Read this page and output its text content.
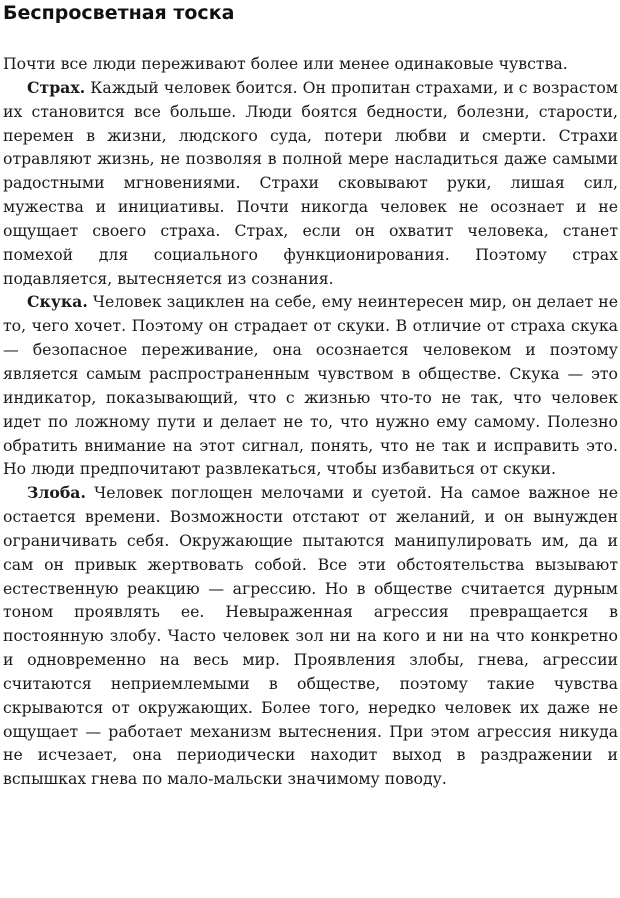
Беспросветная тоска

Почти все люди переживают более или менее одинаковые чувства.

Страх. Каждый человек боится. Он пропитан страхами, и с возрастом их становится все больше. Люди боятся бедности, болезни, старости, перемен в жизни, людского суда, потери любви и смерти. Страхи отравляют жизнь, не позволяя в полной мере насладиться даже самыми радостными мгновениями. Страхи сковывают руки, лишая сил, мужества и инициативы. Почти никогда человек не осознает и не ощущает своего страха. Страх, если он охватит человека, станет помехой для социального функционирования. Поэтому страх подавляется, вытесняется из сознания.

Скука. Человек зациклен на себе, ему неинтересен мир, он делает не то, чего хочет. Поэтому он страдает от скуки. В отличие от страха скука — безопасное переживание, она осознается человеком и поэтому является самым распространенным чувством в обществе. Скука — это индикатор, показывающий, что с жизнью что-то не так, что человек идет по ложному пути и делает не то, что нужно ему самому. Полезно обратить внимание на этот сигнал, понять, что не так и исправить это. Но люди предпочитают развлекаться, чтобы избавиться от скуки.

Злоба. Человек поглощен мелочами и суетой. На самое важное не остается времени. Возможности отстают от желаний, и он вынужден ограничивать себя. Окружающие пытаются манипулировать им, да и сам он привык жертвовать собой. Все эти обстоятельства вызывают естественную реакцию — агрессию. Но в обществе считается дурным тоном проявлять ее. Невыраженная агрессия превращается в постоянную злобу. Часто человек зол ни на кого и ни на что конкретно и одновременно на весь мир. Проявления злобы, гнева, агрессии считаются неприемлемыми в обществе, поэтому такие чувства скрываются от окружающих. Более того, нередко человек их даже не ощущает — работает механизм вытеснения. При этом агрессия никуда не исчезает, она периодически находит выход в раздражении и вспышках гнева по мало-мальски значимому поводу.
